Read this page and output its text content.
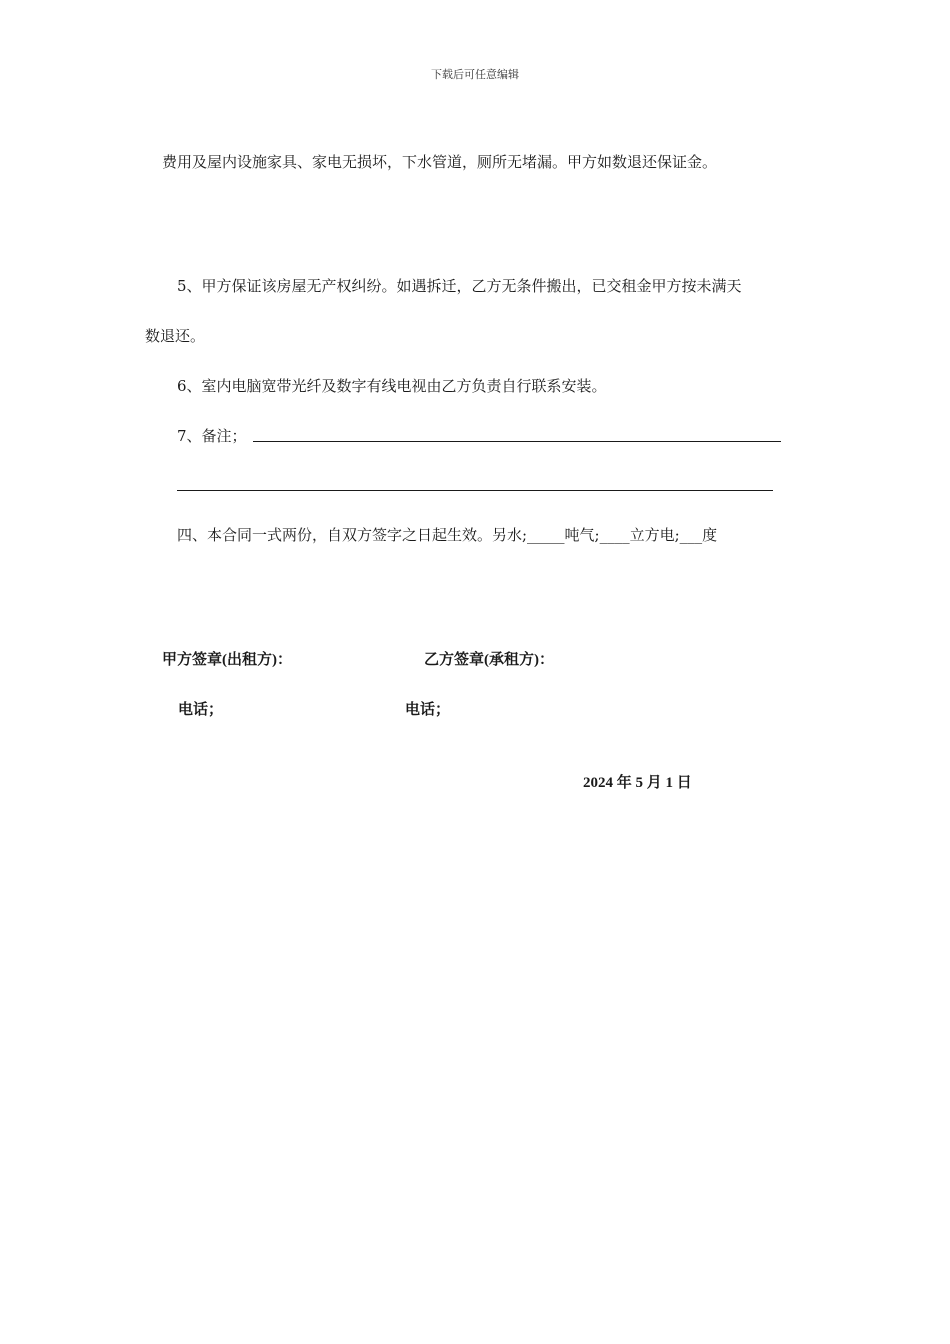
下载后可任意编辑
费用及屋内设施家具、家电无损坏，下水管道，厕所无堵漏。甲方如数退还保证金。
5、甲方保证该房屋无产权纠纷。如遇拆迁，乙方无条件搬出，已交租金甲方按未满天
数退还。
6、室内电脑宽带光纤及数字有线电视由乙方负责自行联系安装。
7、备注；
四、本合同一式两份，自双方签字之日起生效。另水;_____吨气;____立方电;___度
甲方签章(出租方)：	乙方签章(承租方)：
电话；	电话；
2024 年 5 月 1 日
